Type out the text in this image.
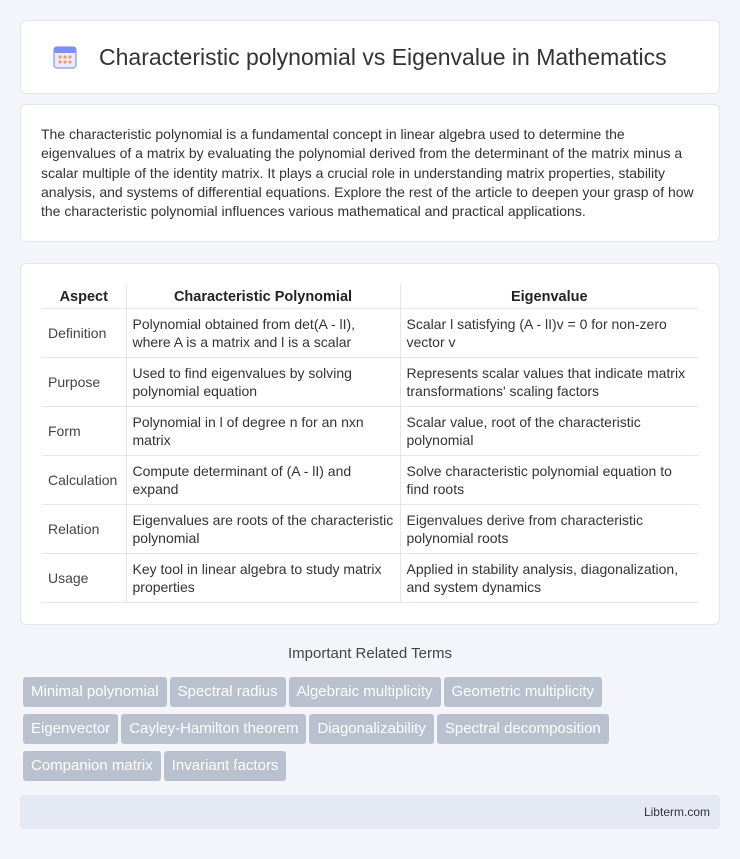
Characteristic polynomial vs Eigenvalue in Mathematics

The characteristic polynomial is a fundamental concept in linear algebra used to determine the eigenvalues of a matrix by evaluating the polynomial derived from the determinant of the matrix minus a scalar multiple of the identity matrix. It plays a crucial role in understanding matrix properties, stability analysis, and systems of differential equations. Explore the rest of the article to deepen your grasp of how the characteristic polynomial influences various mathematical and practical applications.

Aspect	Characteristic Polynomial	Eigenvalue
Definition	Polynomial obtained from det(A - lI), where A is a matrix and l is a scalar	Scalar l satisfying (A - lI)v = 0 for non-zero vector v
Purpose	Used to find eigenvalues by solving polynomial equation	Represents scalar values that indicate matrix transformations' scaling factors
Form	Polynomial in l of degree n for an nxn matrix	Scalar value, root of the characteristic polynomial
Calculation	Compute determinant of (A - lI) and expand	Solve characteristic polynomial equation to find roots
Relation	Eigenvalues are roots of the characteristic polynomial	Eigenvalues derive from characteristic polynomial roots
Usage	Key tool in linear algebra to study matrix properties	Applied in stability analysis, diagonalization, and system dynamics
Important Related Terms
Minimal polynomial Spectral radius Algebraic multiplicity Geometric multiplicity
Eigenvector Cayley-Hamilton theorem Diagonalizability Spectral decomposition
Companion matrix Invariant factors
Libterm.com
